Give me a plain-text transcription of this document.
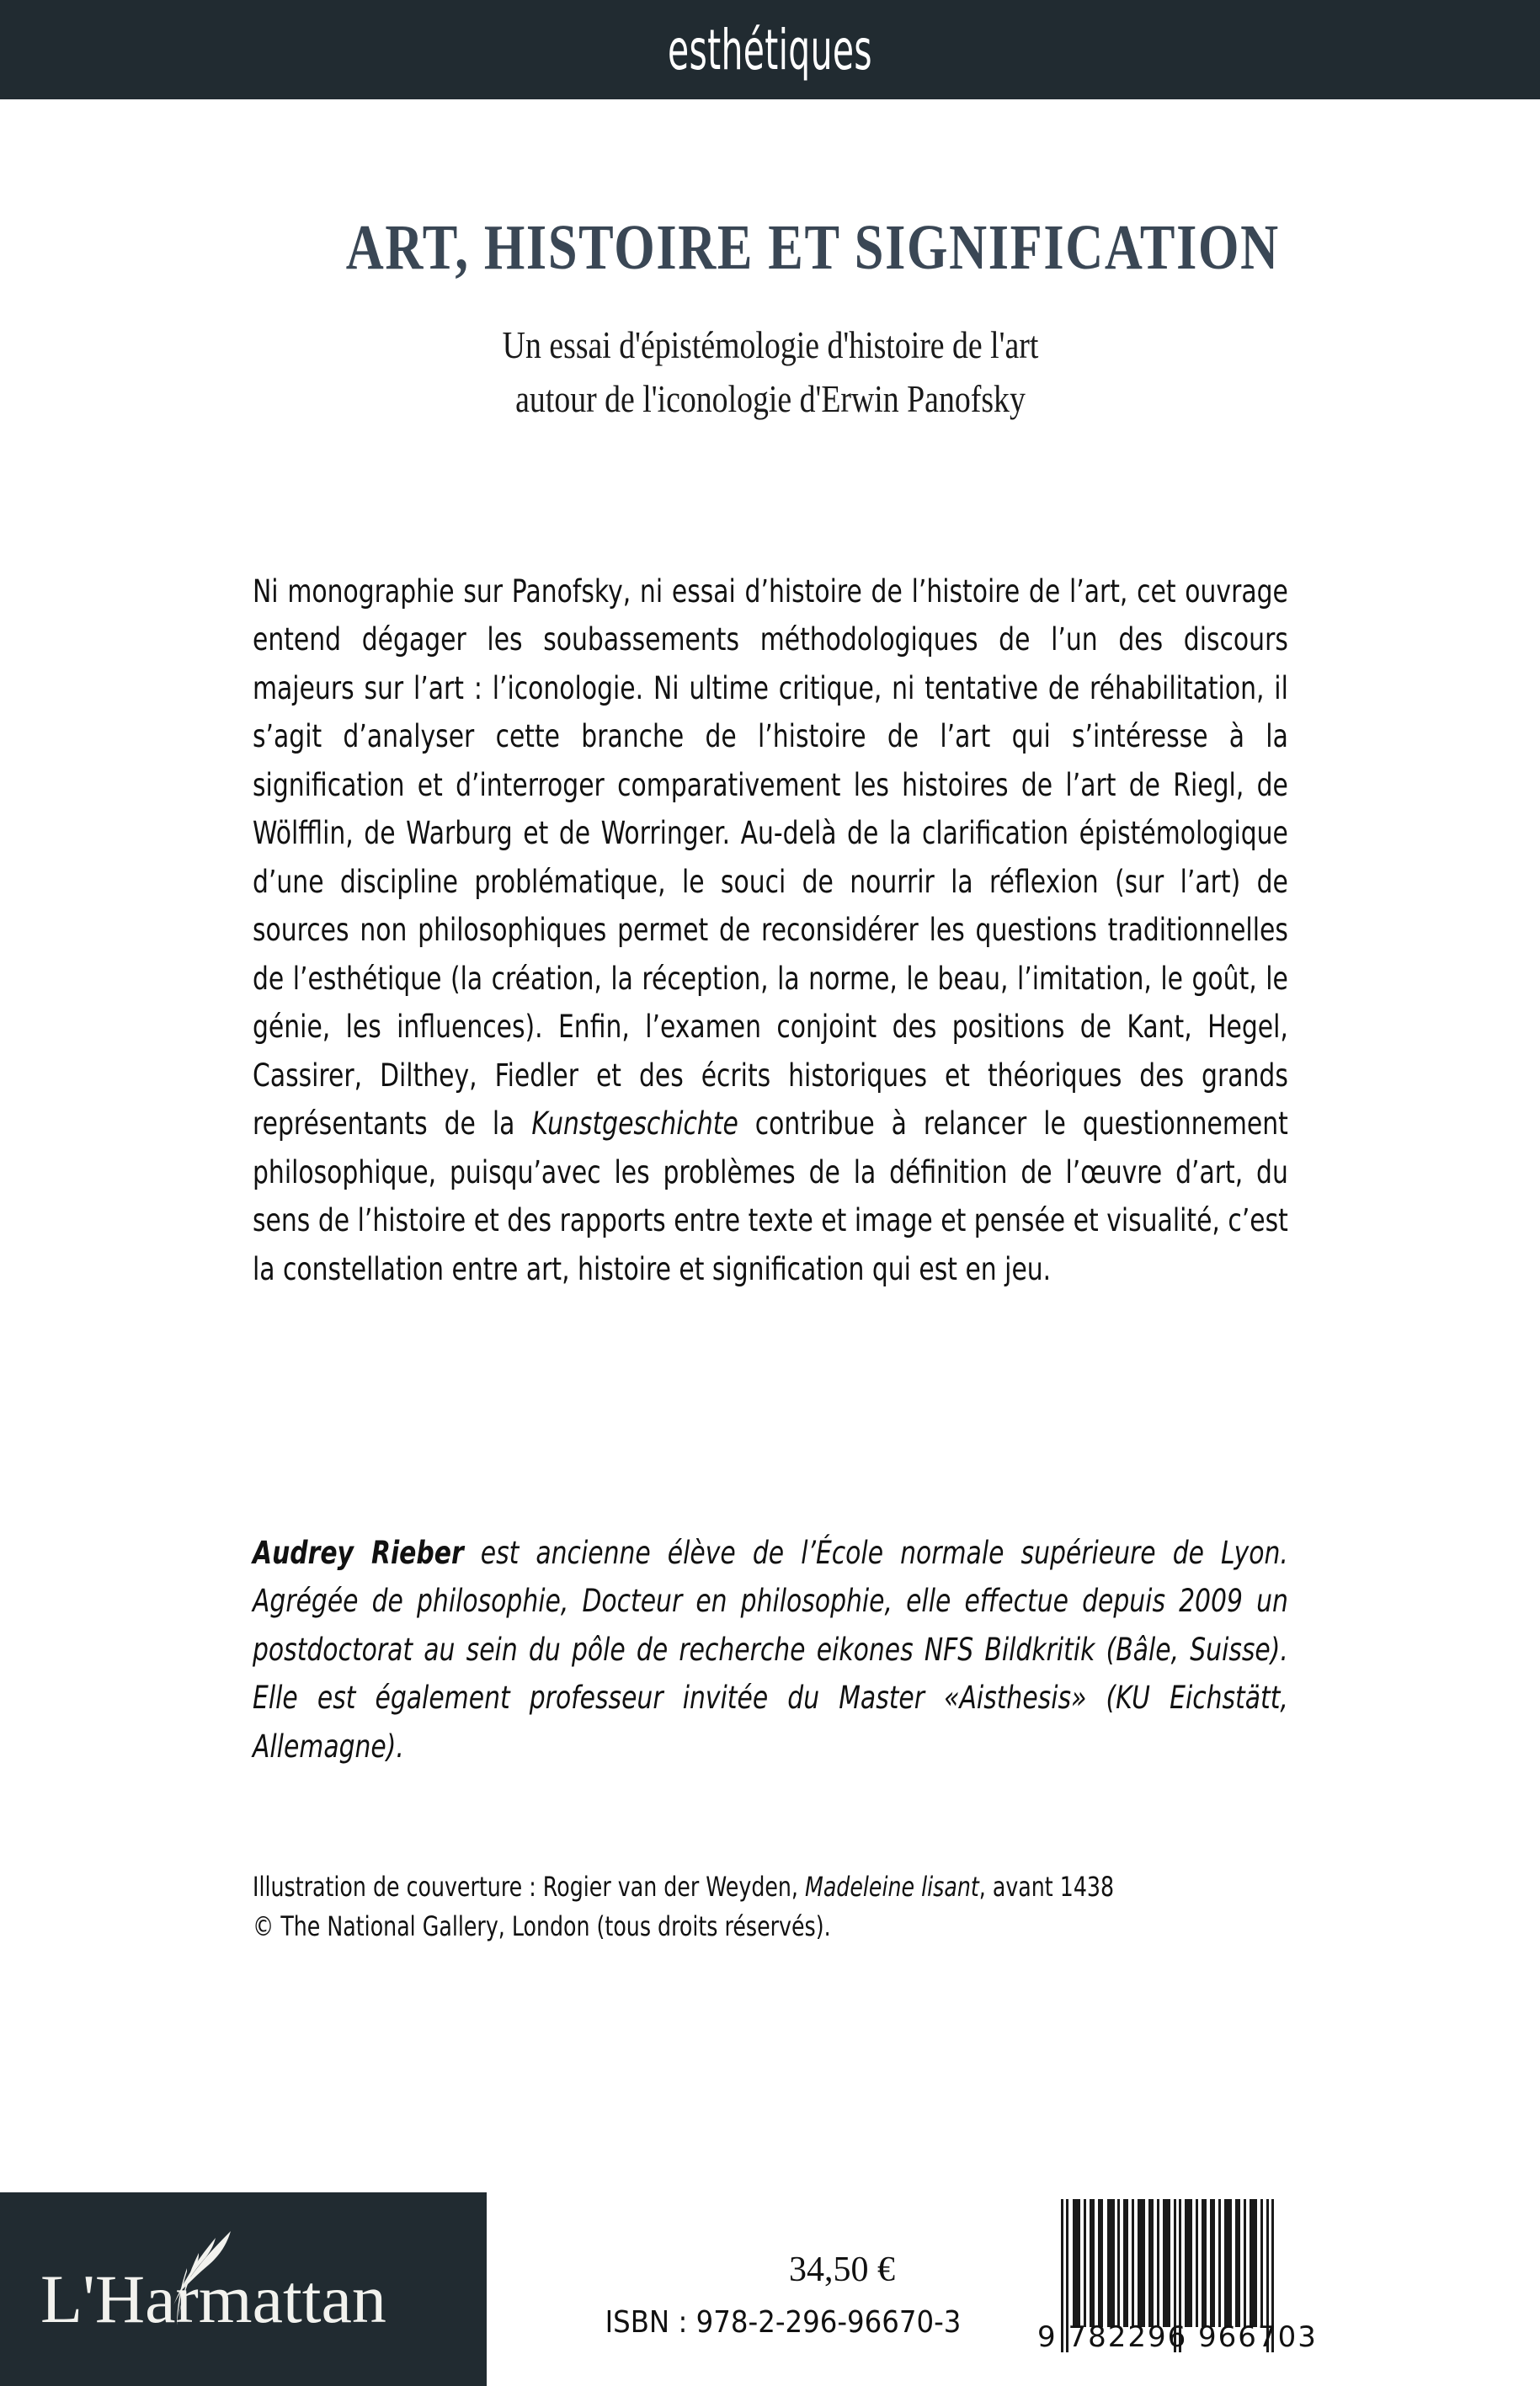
esthétiques
ART, HISTOIRE ET SIGNIFICATION
Un essai d'épistémologie d'histoire de l'art
autour de l'iconologie d'Erwin Panofsky

Ni monographie sur Panofsky, ni essai d’histoire de l’histoire de l’art, cet ouvrage entend dégager les soubassements méthodologiques de l’un des discours majeurs sur l’art : l’iconologie. Ni ultime critique, ni tentative de réhabilitation, il s’agit d’analyser cette branche de l’histoire de l’art qui s’intéresse à la signification et d’interroger comparativement les histoires de l’art de Riegl, de Wölfflin, de Warburg et de Worringer. Au-delà de la clarification épistémologique d’une discipline problématique, le souci de nourrir la réflexion (sur l’art) de sources non philosophiques permet de reconsidérer les questions traditionnelles de l’esthétique (la création, la réception, la norme, le beau, l’imitation, le goût, le génie, les influences). Enfin, l’examen conjoint des positions de Kant, Hegel, Cassirer, Dilthey, Fiedler et des écrits historiques et théoriques des grands représentants de la Kunstgeschichte contribue à relancer le questionnement philosophique, puisqu’avec les problèmes de la définition de l’œuvre d’art, du sens de l’histoire et des rapports entre texte et image et pensée et visualité, c’est la constellation entre art, histoire et signification qui est en jeu.

Audrey Rieber est ancienne élève de l’École normale supérieure de Lyon. Agrégée de philosophie, Docteur en philosophie, elle effectue depuis 2009 un postdoctorat au sein du pôle de recherche eikones NFS Bildkritik (Bâle, Suisse). Elle est également professeur invitée du Master «Aisthesis» (KU Eichstätt, Allemagne).

Illustration de couverture : Rogier van der Weyden, Madeleine lisant, avant 1438
© The National Gallery, London (tous droits réservés).
L'Harmattan	34,50 €
ISBN : 978-2-296-96670-3	9 782296 966703
